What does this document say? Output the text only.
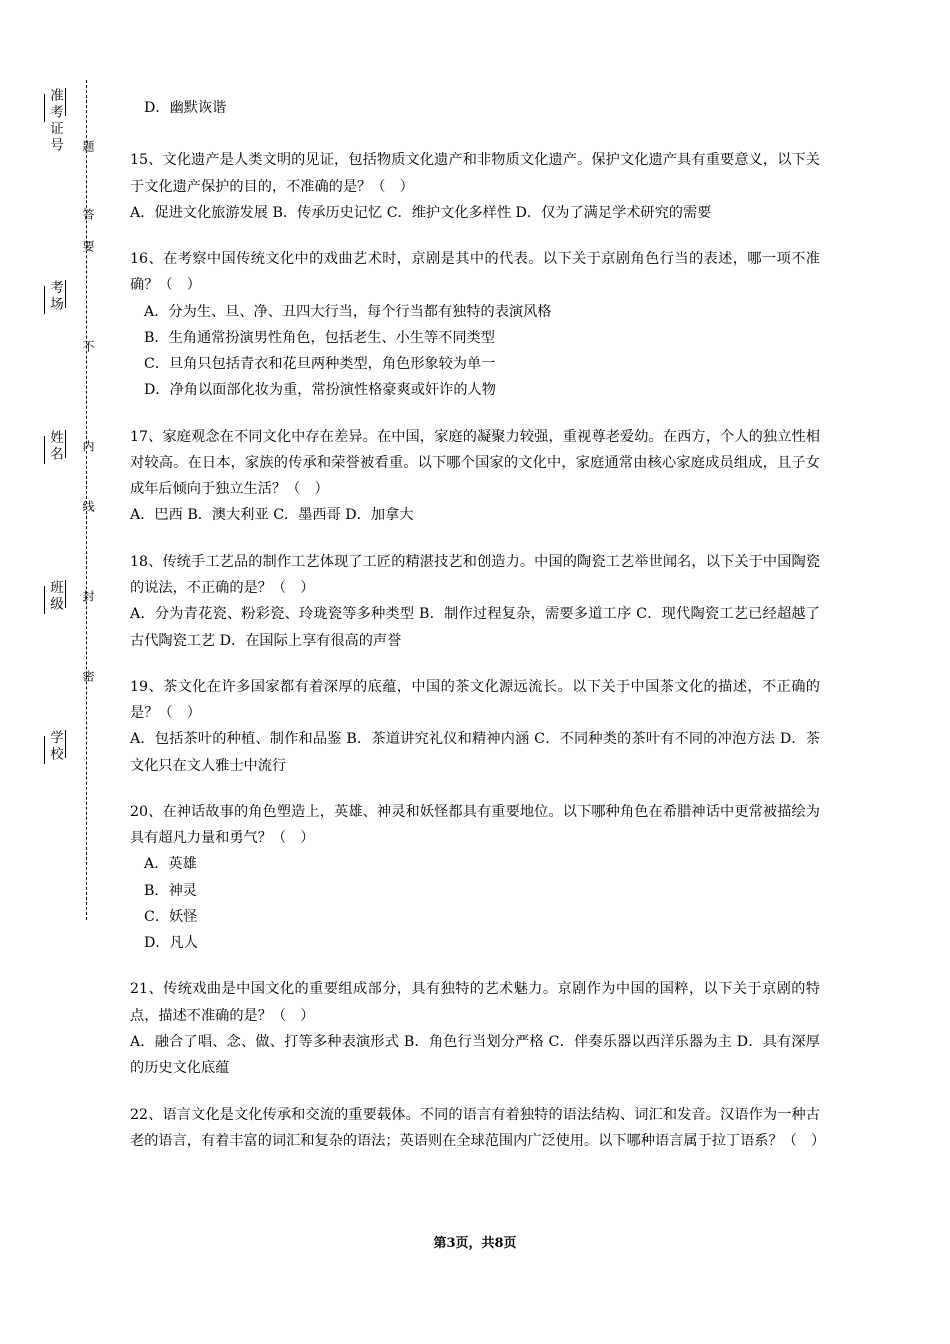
准考证号
考场
姓名
班级
学校
题
要
不
内
线
封
密
答
D．幽默诙谐

15、文化遗产是人类文明的见证，包括物质文化遗产和非物质文化遗产。保护文化遗产具有重要意义，以下关于文化遗产保护的目的，不准确的是？（　）

A．促进文化旅游发展 B．传承历史记忆 C．维护文化多样性 D．仅为了满足学术研究的需要

16、在考察中国传统文化中的戏曲艺术时，京剧是其中的代表。以下关于京剧角色行当的表述，哪一项不准确？（　）

A．分为生、旦、净、丑四大行当，每个行当都有独特的表演风格

B．生角通常扮演男性角色，包括老生、小生等不同类型

C．旦角只包括青衣和花旦两种类型，角色形象较为单一

D．净角以面部化妆为重，常扮演性格豪爽或奸诈的人物

17、家庭观念在不同文化中存在差异。在中国，家庭的凝聚力较强，重视尊老爱幼。在西方，个人的独立性相对较高。在日本，家族的传承和荣誉被看重。以下哪个国家的文化中，家庭通常由核心家庭成员组成，且子女成年后倾向于独立生活？（　）

A．巴西 B．澳大利亚 C．墨西哥 D．加拿大

18、传统手工艺品的制作工艺体现了工匠的精湛技艺和创造力。中国的陶瓷工艺举世闻名，以下关于中国陶瓷的说法，不正确的是？（　）

A．分为青花瓷、粉彩瓷、玲珑瓷等多种类型 B．制作过程复杂，需要多道工序 C．现代陶瓷工艺已经超越了古代陶瓷工艺 D．在国际上享有很高的声誉

19、茶文化在许多国家都有着深厚的底蕴，中国的茶文化源远流长。以下关于中国茶文化的描述，不正确的是？（　）

A．包括茶叶的种植、制作和品鉴 B．茶道讲究礼仪和精神内涵 C．不同种类的茶叶有不同的冲泡方法 D．茶文化只在文人雅士中流行

20、在神话故事的角色塑造上，英雄、神灵和妖怪都具有重要地位。以下哪种角色在希腊神话中更常被描绘为具有超凡力量和勇气？（　）

A．英雄

B．神灵

C．妖怪

D．凡人

21、传统戏曲是中国文化的重要组成部分，具有独特的艺术魅力。京剧作为中国的国粹，以下关于京剧的特点，描述不准确的是？（　）

A．融合了唱、念、做、打等多种表演形式 B．角色行当划分严格 C．伴奏乐器以西洋乐器为主 D．具有深厚的历史文化底蕴

22、语言文化是文化传承和交流的重要载体。不同的语言有着独特的语法结构、词汇和发音。汉语作为一种古老的语言，有着丰富的词汇和复杂的语法；英语则在全球范围内广泛使用。以下哪种语言属于拉丁语系？（　）

第3页，共8页
